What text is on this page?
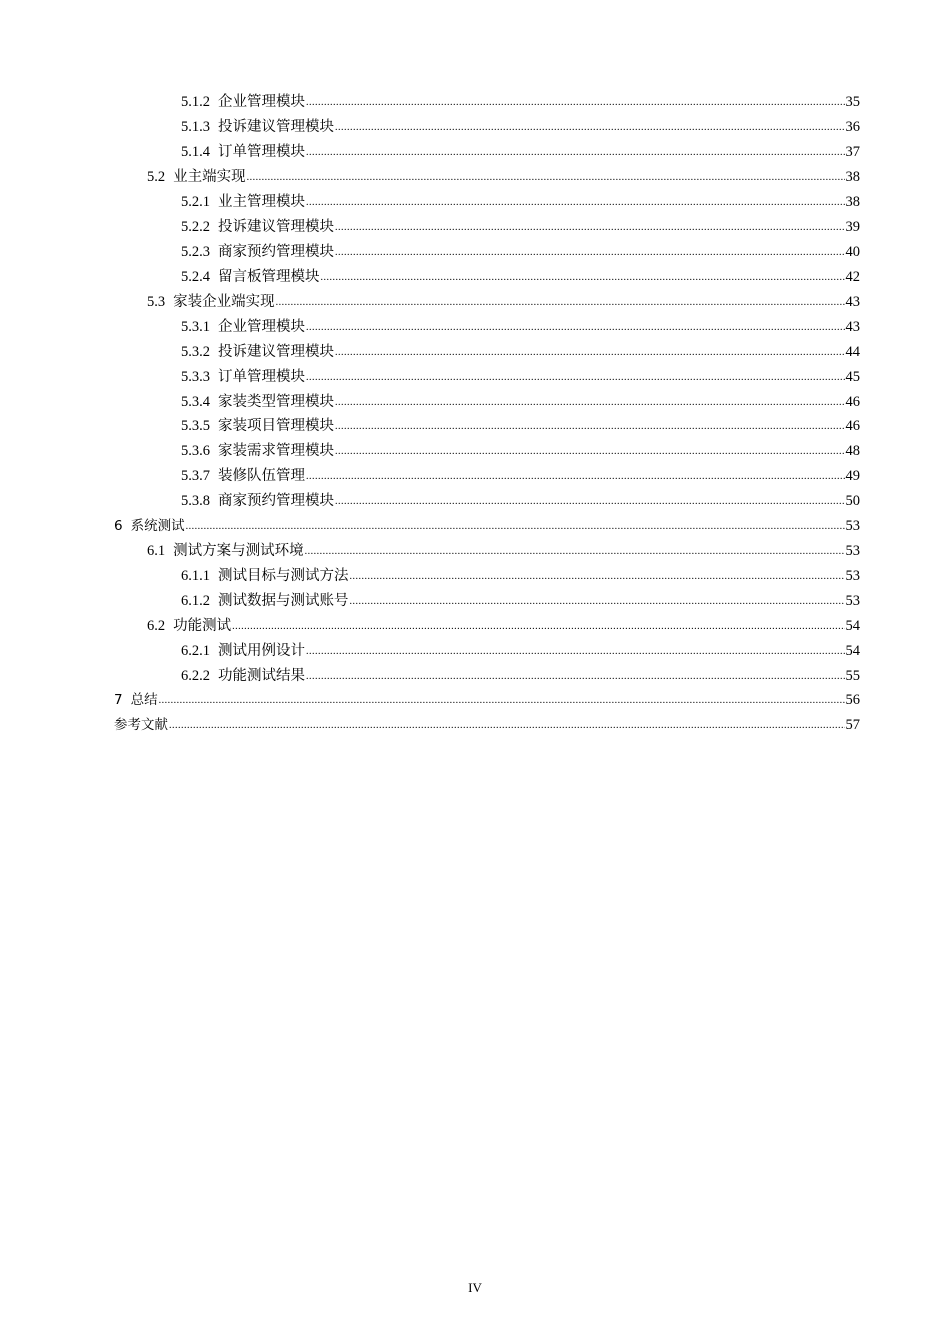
5.1.2 企业管理模块 .....	35
5.1.3 投诉建议管理模块 .....	36
5.1.4 订单管理模块 .....	37
5.2 业主端实现 .....	38
5.2.1 业主管理模块 .....	38
5.2.2 投诉建议管理模块 .....	39
5.2.3 商家预约管理模块 .....	40
5.2.4 留言板管理模块 .....	42
5.3 家装企业端实现 .....	43
5.3.1 企业管理模块 .....	43
5.3.2 投诉建议管理模块 .....	44
5.3.3 订单管理模块 .....	45
5.3.4 家装类型管理模块 .....	46
5.3.5 家装项目管理模块 .....	46
5.3.6 家装需求管理模块 .....	48
5.3.7 装修队伍管理 .....	49
5.3.8 商家预约管理模块 .....	50
6 系统测试 .....	53
6.1 测试方案与测试环境 .....	53
6.1.1 测试目标与测试方法 .....	53
6.1.2 测试数据与测试账号 .....	53
6.2 功能测试 .....	54
6.2.1 测试用例设计 .....	54
6.2.2 功能测试结果 .....	55
7 总结 .....	56
参考文献 .....	57
IV
